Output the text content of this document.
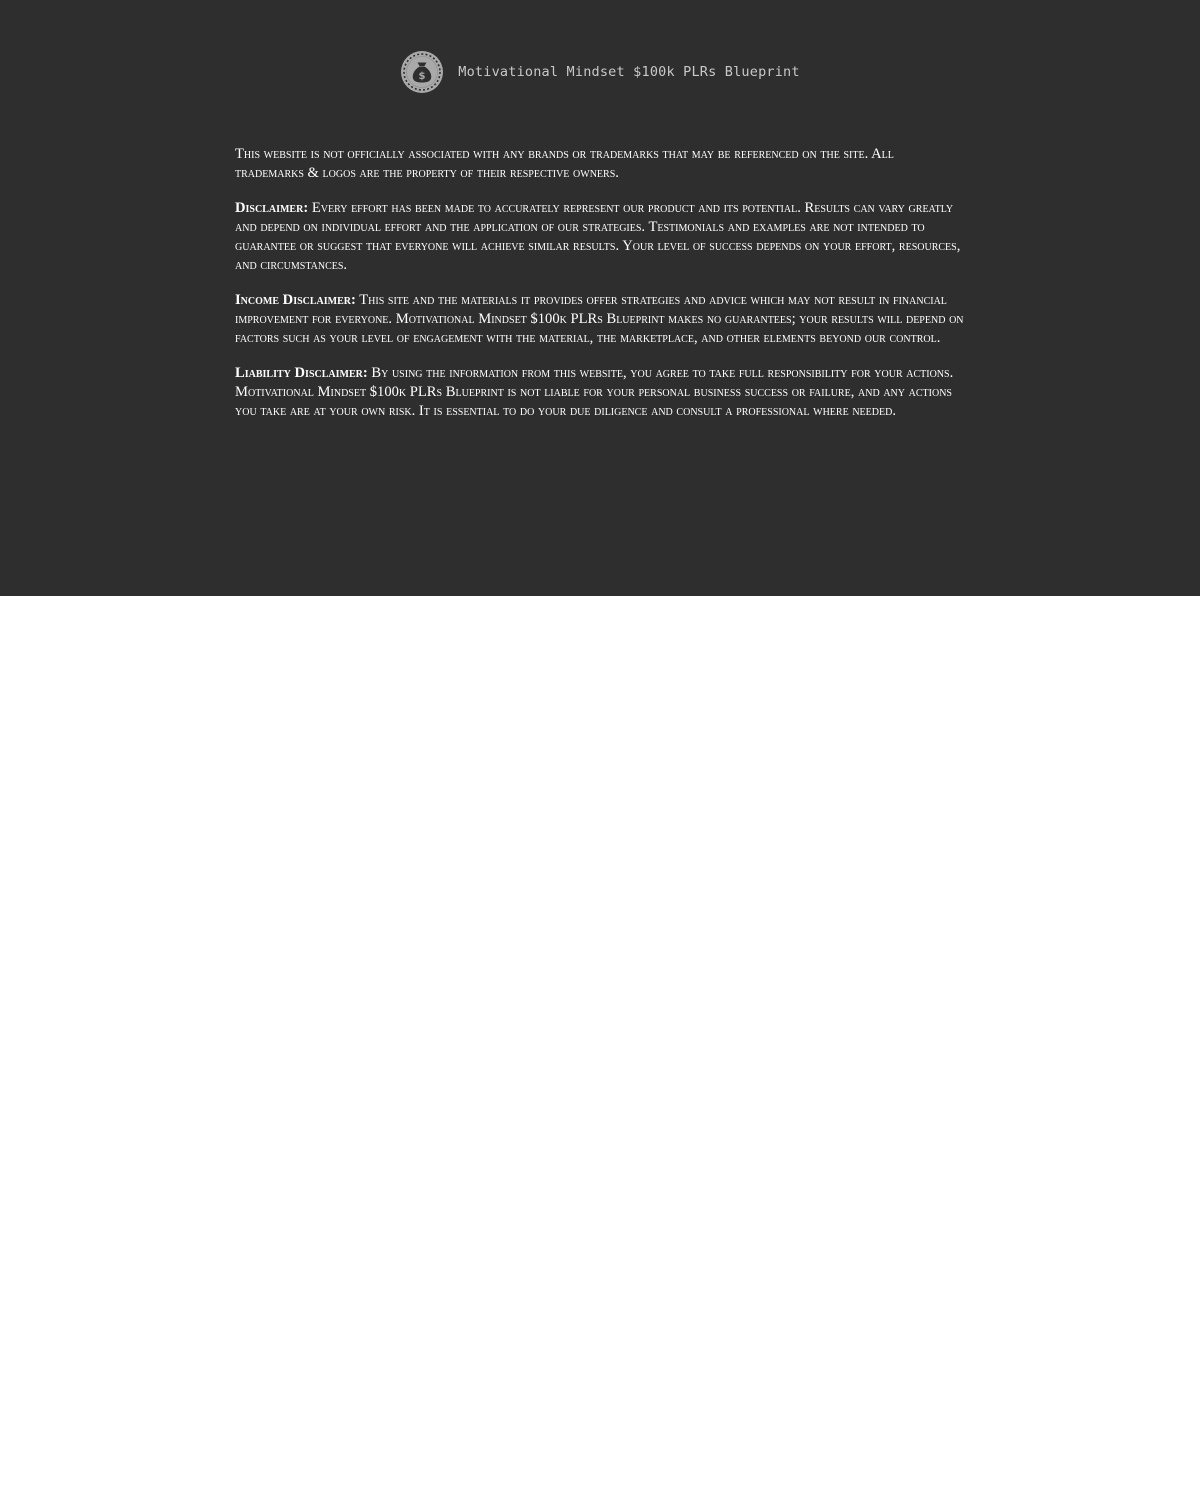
$ Motivational Mindset $100k PLRs Blueprint

This website is not officially associated with any brands or trademarks that may be referenced on the site. All trademarks & logos are the property of their respective owners.

Disclaimer: Every effort has been made to accurately represent our product and its potential. Results can vary greatly and depend on individual effort and the application of our strategies. Testimonials and examples are not intended to guarantee or suggest that everyone will achieve similar results. Your level of success depends on your effort, resources, and circumstances.

Income Disclaimer: This site and the materials it provides offer strategies and advice which may not result in financial improvement for everyone. Motivational Mindset $100k PLRs Blueprint makes no guarantees; your results will depend on factors such as your level of engagement with the material, the marketplace, and other elements beyond our control.

Liability Disclaimer: By using the information from this website, you agree to take full responsibility for your actions. Motivational Mindset $100k PLRs Blueprint is not liable for your personal business success or failure, and any actions you take are at your own risk. It is essential to do your due diligence and consult a professional where needed.
